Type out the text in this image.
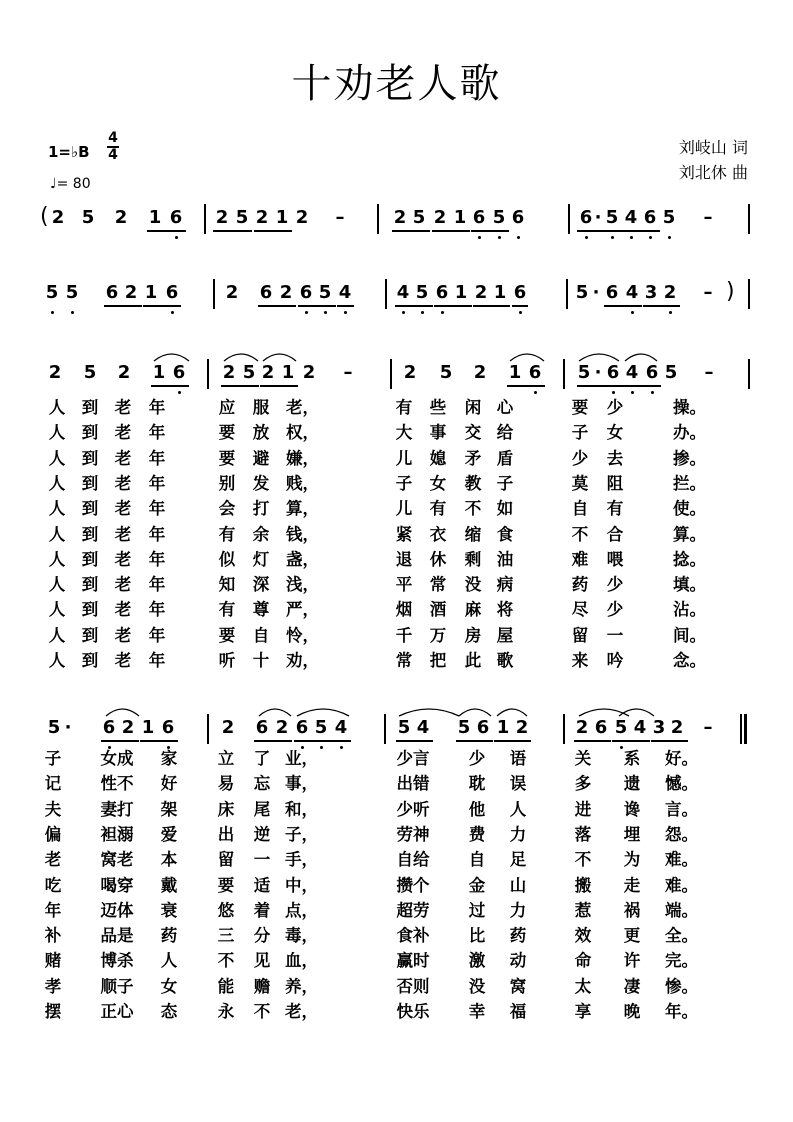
十劝老人歌
1=♭B
4
4
♩= 80
刘岐山 词
刘北休 曲
( 2 5 2 1 6 2 5 2 1 2 –	2 5 2 1 6 5 6	6 · 5 4 6 5 –
5 5 6 2 1 6	2 6 2 6 5 4	4 5 6 1 2 1 6	5 · 6 4 3 2 – )
2 5 2 1 6 2 5 2 1 2 –	2 5 2 1 6 5 · 6 4 6 5 –
人 到 老 年	应 服 老，	有 些 闲 心	要 少	操。
人 到 老 年	要 放 权，	大 事 交 给	子 女	办。
人 到 老 年	要 避 嫌，	儿 媳 矛 盾	少 去	掺。
人 到 老 年	别 发 贱，	子 女 教 子	莫 阻	拦。
人 到 老 年	会 打 算，	儿 有 不 如	自 有	使。
人 到 老 年	有 余 钱，	紧 衣 缩 食	不 合	算。
人 到 老 年	似 灯 盏，	退 休 剩 油	难 喂	捻。
人 到 老 年	知 深 浅，	平 常 没 病	药 少	填。
人 到 老 年	有 尊 严，	烟 酒 麻 将	尽 少	沾。
人 到 老 年	要 自 怜，	千 万 房 屋	留 一	间。
人 到 老 年	听 十 劝，	常 把 此 歌	来 吟	念。
5 · 6 2 1 6	2 6 2 6 5 4	5 4 5 6 1 2	2 6 5 4 3 2 –
子	女成	家 立 了 业，	少言	少 语	关 系 好。
记	性不	好 易 忘 事，	出错	耽 误	多 遗 憾。
夫	妻打	架 床 尾 和，	少听	他 人	进 谗 言。
偏	袒溺	爱 出 逆 子，	劳神	费 力	落 埋 怨。
老	窝老	本 留 一 手，	自给	自 足	不 为 难。
吃	喝穿	戴 要 适 中，	攒个	金 山	搬 走 难。
年	迈体	衰 悠 着 点，	超劳	过 力	惹 祸 端。
补	品是	药 三 分 毒，	食补	比 药	效 更 全。
赌	博杀	人 不 见 血，	赢时	激 动	命 许 完。
孝	顺子	女 能 赡 养，	否则	没 窝	太 凄 惨。
摆	正心	态 永 不 老，	快乐	幸 福	享 晚 年。
